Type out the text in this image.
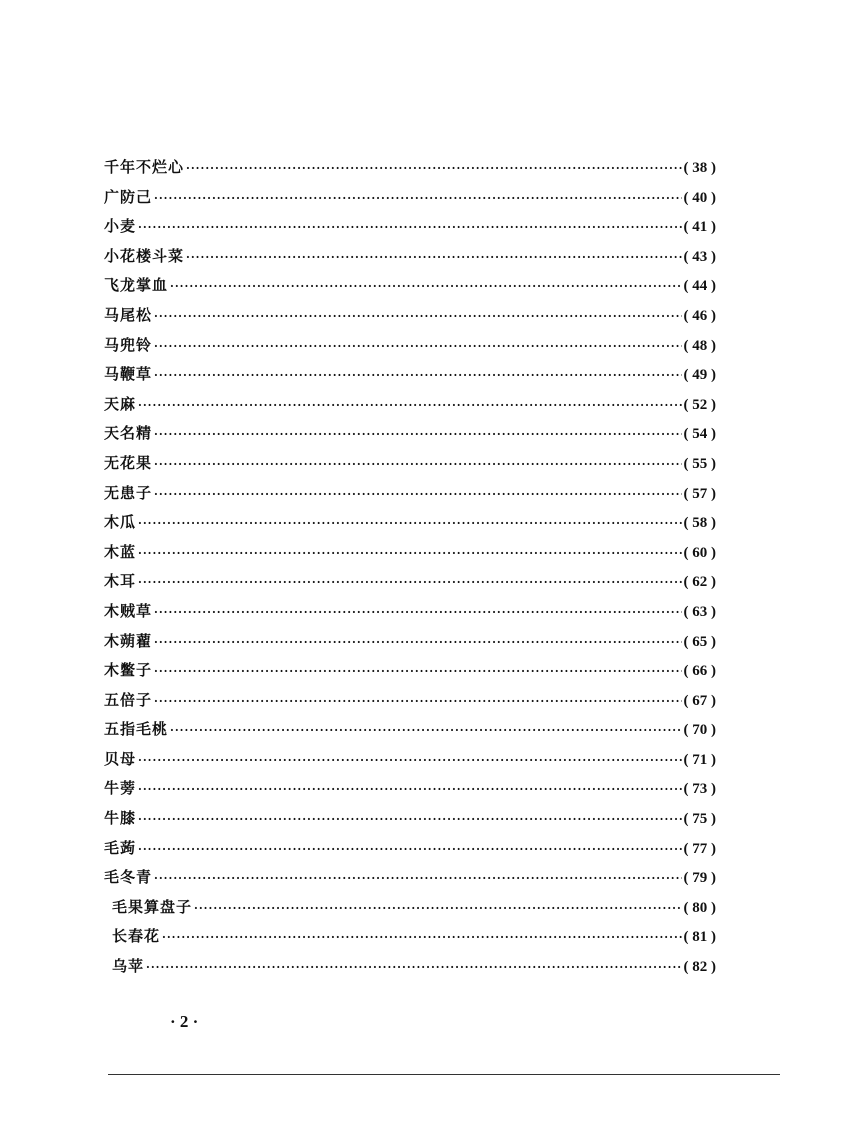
千年不烂心 ·····	( 38 )
广防己 ·····	( 40 )
小麦 ·····	( 41 )
小花楼斗菜 ·····	( 43 )
飞龙掌血 ·····	( 44 )
马尾松 ·····	( 46 )
马兜铃 ·····	( 48 )
马鞭草 ·····	( 49 )
天麻 ·····	( 52 )
天名精 ·····	( 54 )
无花果 ·····	( 55 )
无患子 ·····	( 57 )
木瓜 ·····	( 58 )
木蓝 ·····	( 60 )
木耳 ·····	( 62 )
木贼草 ·····	( 63 )
木蒴藋 ·····	( 65 )
木鳖子 ·····	( 66 )
五倍子 ·····	( 67 )
五指毛桃 ·····	( 70 )
贝母 ·····	( 71 )
牛蒡 ·····	( 73 )
牛膝 ·····	( 75 )
毛蒟 ·····	( 77 )
毛冬青 ·····	( 79 )
毛果算盘子 ·····	( 80 )
长春花 ·····	( 81 )
乌苹 ·····	( 82 )
· 2 ·
